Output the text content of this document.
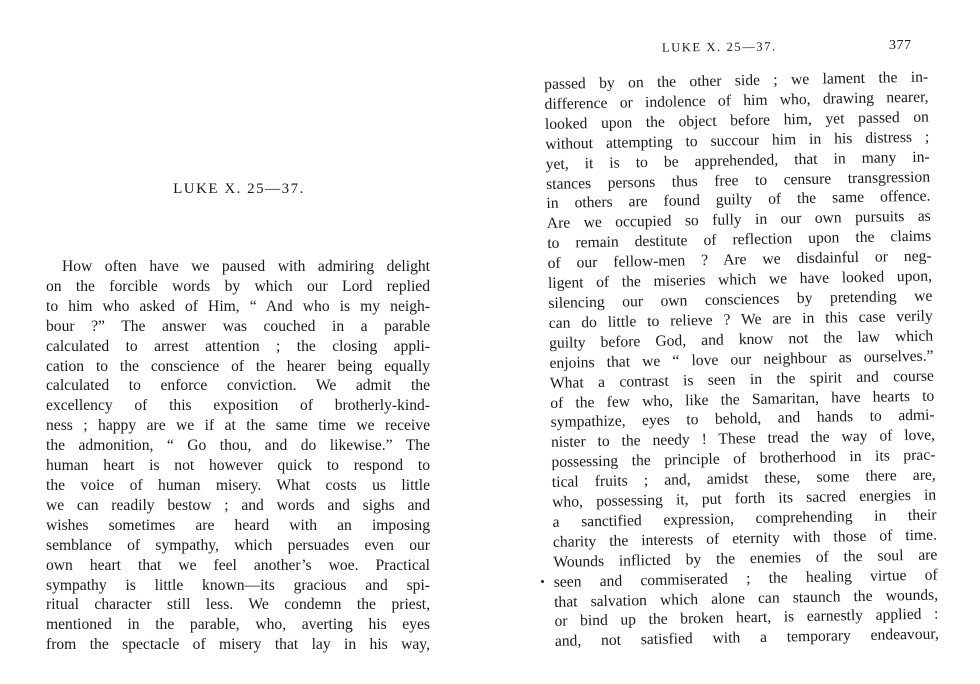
LUKE X. 25—37.
How often have we paused with admiring delight
on the forcible words by which our Lord replied
to him who asked of Him, “ And who is my neigh-
bour ?” The answer was couched in a parable
calculated to arrest attention ; the closing appli-
cation to the conscience of the hearer being equally
calculated to enforce conviction. We admit the
excellency of this exposition of brotherly-kind-
ness ; happy are we if at the same time we receive
the admonition, “ Go thou, and do likewise.” The
human heart is not however quick to respond to
the voice of human misery. What costs us little
we can readily bestow ; and words and sighs and
wishes sometimes are heard with an imposing
semblance of sympathy, which persuades even our
own heart that we feel another’s woe. Practical
sympathy is little known—its gracious and spi-
ritual character still less. We condemn the priest,
mentioned in the parable, who, averting his eyes
from the spectacle of misery that lay in his way,
LUKE X. 25—37.	377
passed by on the other side ; we lament the in-
difference or indolence of him who, drawing nearer,
looked upon the object before him, yet passed on
without attempting to succour him in his distress ;
yet, it is to be apprehended, that in many in-
stances persons thus free to censure transgression
in others are found guilty of the same offence.
Are we occupied so fully in our own pursuits as
to remain destitute of reflection upon the claims
of our fellow-men ? Are we disdainful or neg-
ligent of the miseries which we have looked upon,
silencing our own consciences by pretending we
can do little to relieve ? We are in this case verily
guilty before God, and know not the law which
enjoins that we “ love our neighbour as ourselves.”
What a contrast is seen in the spirit and course
of the few who, like the Samaritan, have hearts to
sympathize, eyes to behold, and hands to admi-
nister to the needy ! These tread the way of love,
possessing the principle of brotherhood in its prac-
tical fruits ; and, amidst these, some there are,
who, possessing it, put forth its sacred energies in
a sanctified expression, comprehending in their
charity the interests of eternity with those of time.
Wounds inflicted by the enemies of the soul are
seen and commiserated ; the healing virtue of
that salvation which alone can staunch the wounds,
or bind up the broken heart, is earnestly applied :
and, not satisfied with a temporary endeavour,
